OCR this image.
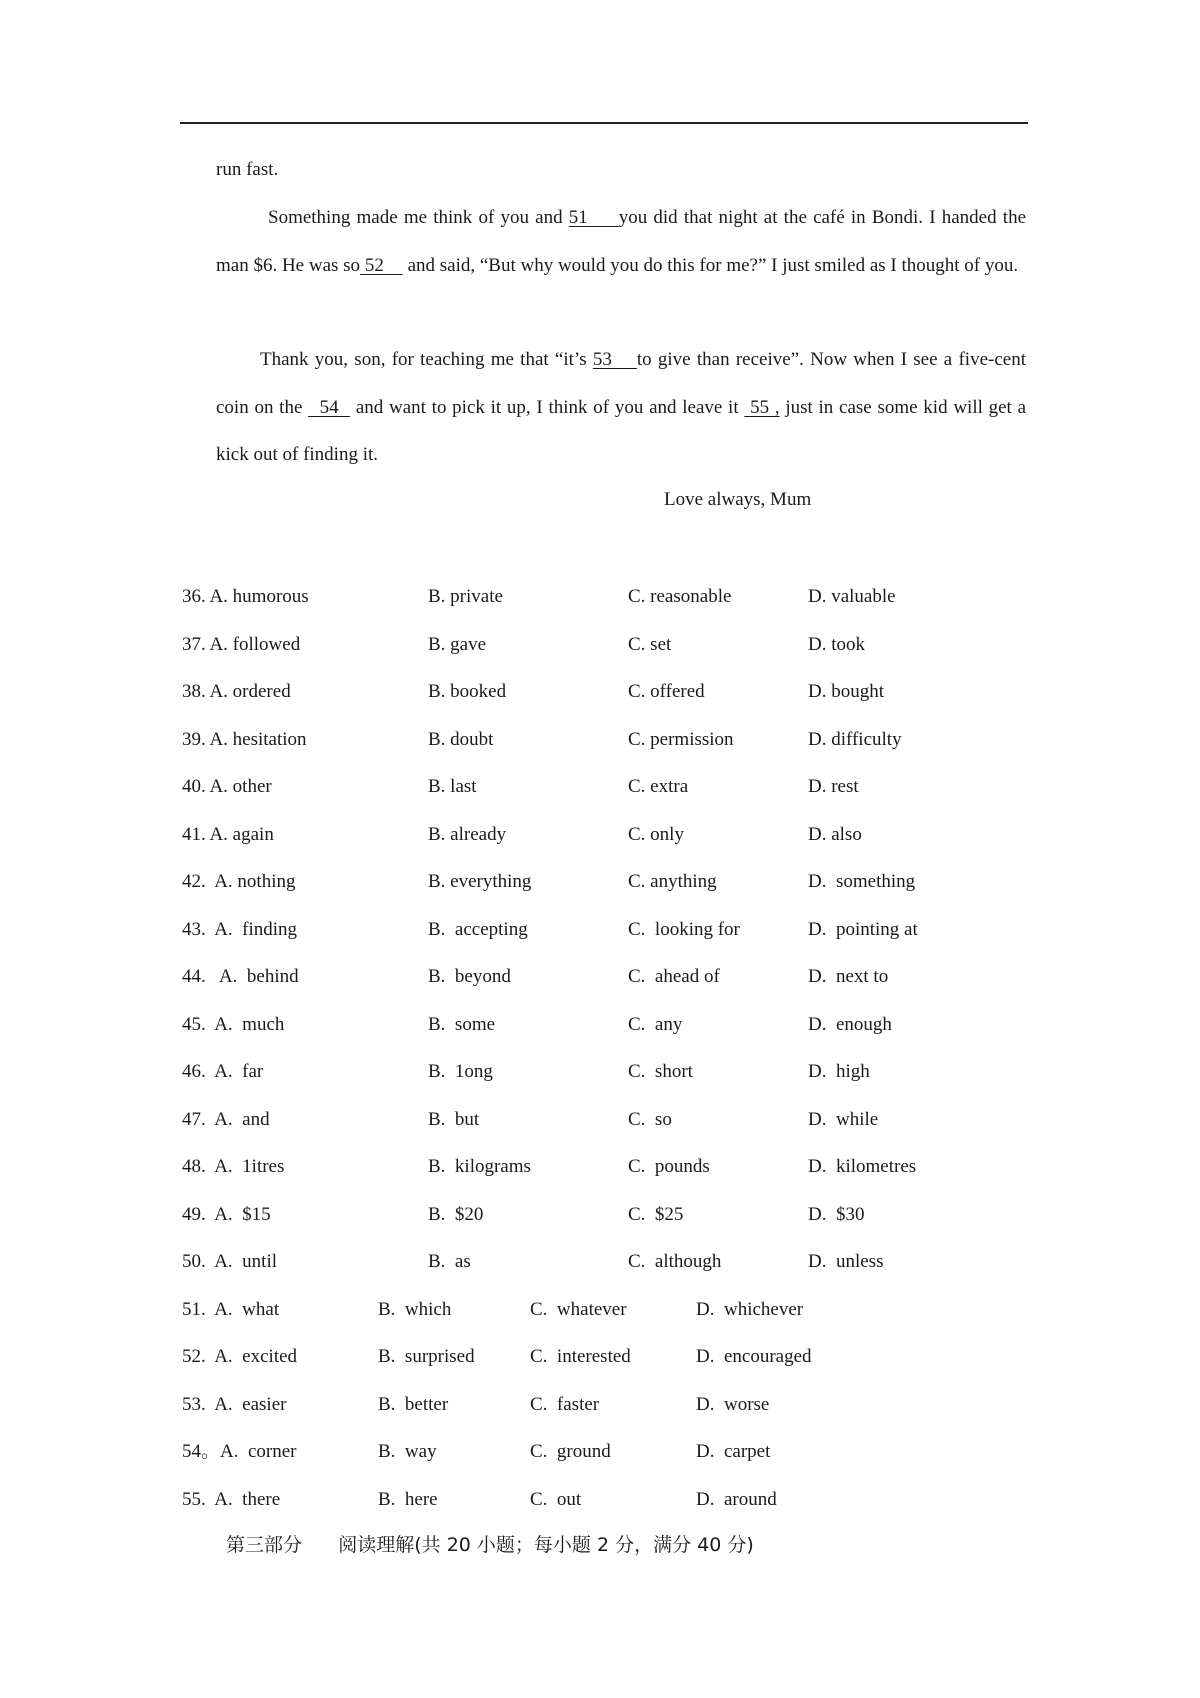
run fast.

Something made me think of you and 51     you did that night at the café in Bondi. I handed the man $6. He was so 52     and said, “But why would you do this for me?” I just smiled as I thought of you.

Thank you, son, for teaching me that “it’s 53    to give than receive”. Now when I see a five-cent coin on the   54   and want to pick it up, I think of you and leave it  55 , just in case some kid will get a kick out of finding it.

Love always, Mum
36. A. humorous	B. private	C. reasonable	D. valuable
37. A. followed	B. gave	C. set	D. took
38. A. ordered	B. booked	C. offered	D. bought
39. A. hesitation	B. doubt	C. permission	D. difficulty
40. A. other	B. last	C. extra	D. rest
41. A. again	B. already	C. only	D. also
42.  A. nothing	B. everything	C. anything	D.  something
43.  A.  finding	B.  accepting	C.  looking for	D.  pointing at
44.   A.  behind	B.  beyond	C.  ahead of	D.  next to
45.  A.  much	B.  some	C.  any	D.  enough
46.  A.  far	B.  1ong	C.  short	D.  high
47.  A.  and	B.  but	C.  so	D.  while
48.  A.  1itres	B.  kilograms	C.  pounds	D.  kilometres
49.  A.  $15	B.  $20	C.  $25	D.  $30
50.  A.  until	B.  as	C.  although	D.  unless
51.  A.  what	B.  which	C.  whatever	D.  whichever
52.  A.  excited	B.  surprised	C.  interested	D.  encouraged
53.  A.  easier	B.  better	C.  faster	D.  worse
54。A.  corner	B.  way	C.  ground	D.  carpet
55.  A.  there	B.  here	C.  out	D.  around
第三部分      阅读理解(共 20 小题；每小题 2 分，满分 40 分)
